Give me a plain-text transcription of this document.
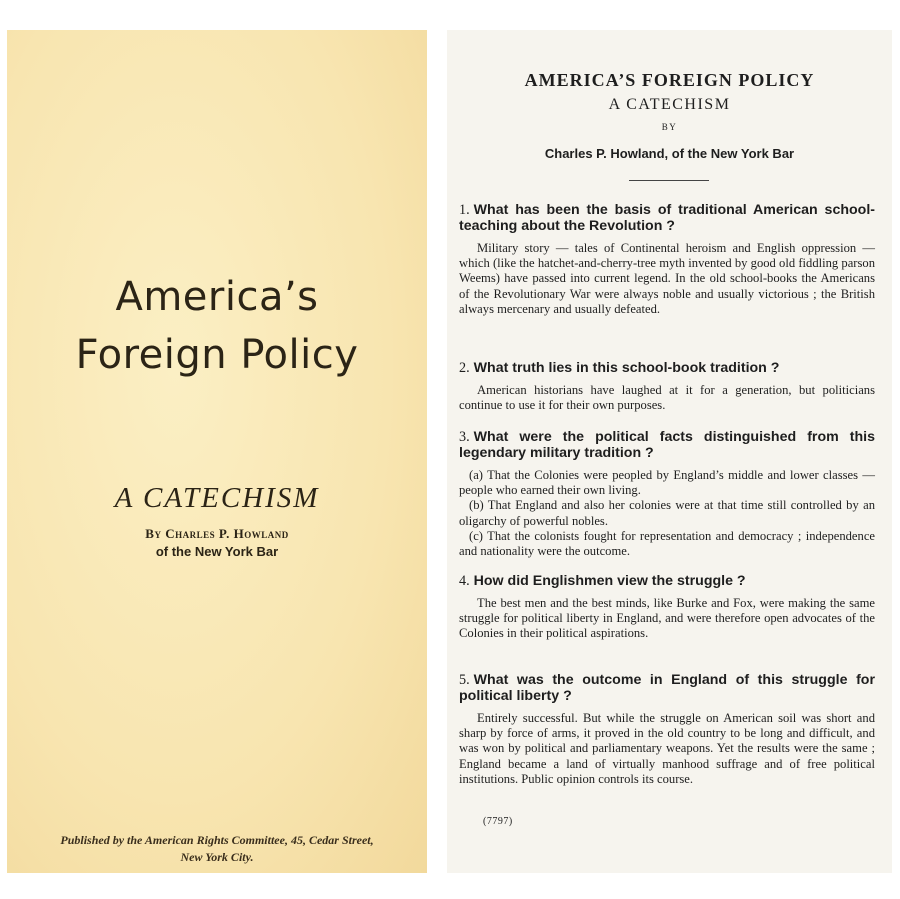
America’s
Foreign Policy
A CATECHISM
By Charles P. Howland
of the New York Bar
Published by the American Rights Committee, 45, Cedar Street,
New York City.
AMERICA’S FOREIGN POLICY
A CATECHISM
BY
Charles P. Howland, of the New York Bar
1. What has been the basis of traditional American school-teaching about the Revolution ?

Military story — tales of Continental heroism and English oppression — which (like the hatchet-and-cherry-tree myth invented by good old fiddling parson Weems) have passed into current legend. In the old school-books the Americans of the Revolutionary War were always noble and usually victorious ; the British always mercenary and usually defeated.

2. What truth lies in this school-book tradition ?

American historians have laughed at it for a generation, but politicians continue to use it for their own purposes.

3. What were the political facts distinguished from this legendary military tradition ?

(a) That the Colonies were peopled by England’s middle and lower classes — people who earned their own living.

(b) That England and also her colonies were at that time still controlled by an oligarchy of powerful nobles.

(c) That the colonists fought for representation and democracy ; independence and nationality were the outcome.

4. How did Englishmen view the struggle ?

The best men and the best minds, like Burke and Fox, were making the same struggle for political liberty in England, and were therefore open advocates of the Colonies in their political aspirations.

5. What was the outcome in England of this struggle for political liberty ?

Entirely successful. But while the struggle on American soil was short and sharp by force of arms, it proved in the old country to be long and difficult, and was won by political and parliamentary weapons. Yet the results were the same ; England became a land of virtually manhood suffrage and of free political institutions. Public opinion controls its course.

(7797)
